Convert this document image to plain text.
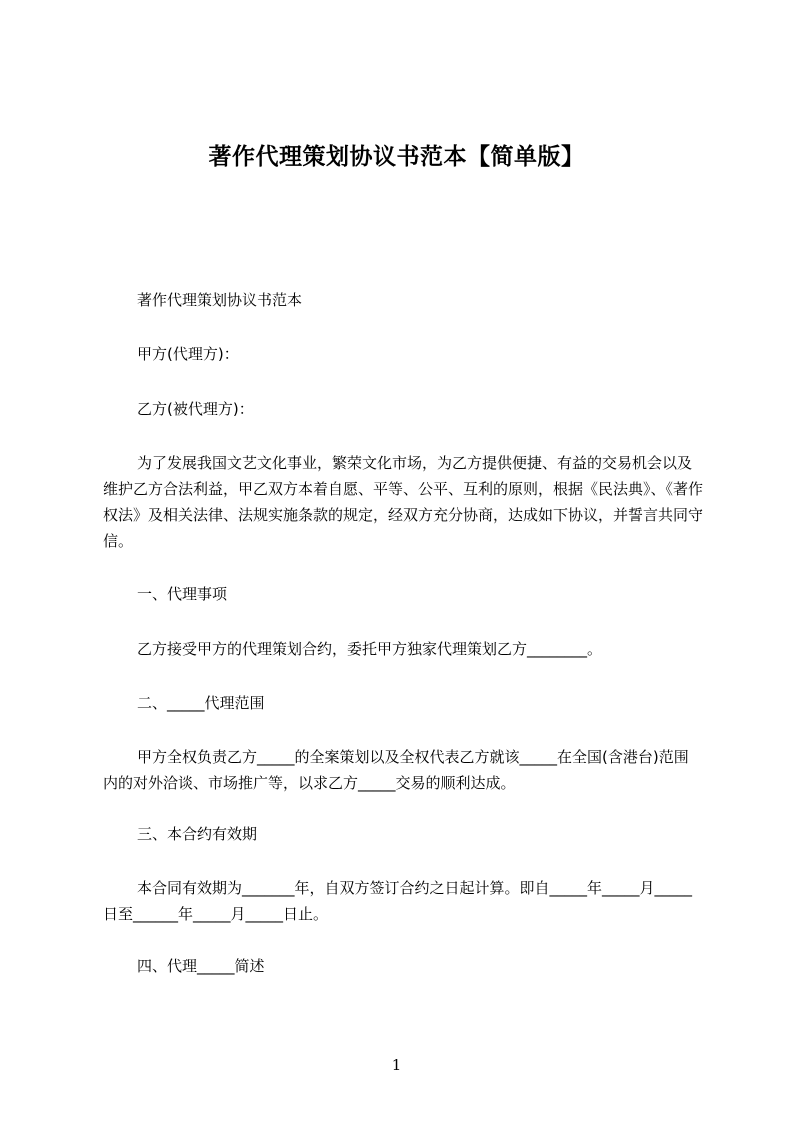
著作代理策划协议书范本【简单版】

著作代理策划协议书范本

甲方(代理方)：

乙方(被代理方)：

为了发展我国文艺文化事业，繁荣文化市场，为乙方提供便捷、有益的交易机会以及维护乙方合法利益，甲乙双方本着自愿、平等、公平、互利的原则，根据《民法典》、《著作权法》及相关法律、法规实施条款的规定，经双方充分协商，达成如下协议，并誓言共同守信。

一、代理事项

乙方接受甲方的代理策划合约，委托甲方独家代理策划乙方________。

二、_____代理范围

甲方全权负责乙方_____的全案策划以及全权代表乙方就该_____在全国(含港台)范围内的对外洽谈、市场推广等，以求乙方_____交易的顺利达成。

三、本合约有效期

本合同有效期为_______年，自双方签订合约之日起计算。即自_____年_____月_____日至______年_____月_____日止。

四、代理_____简述

1
